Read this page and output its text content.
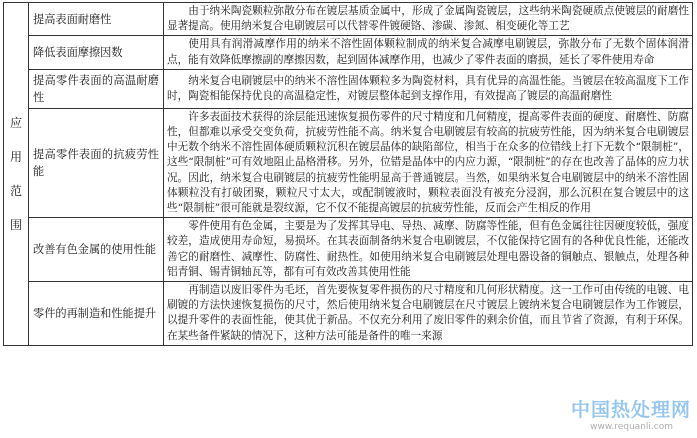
应用范围	提高表面耐磨性	由于纳米陶瓷颗粒弥散分布在镀层基质金属中，形成了金属陶瓷镀层，这些纳米陶瓷硬质点使镀层的耐磨性显著提高。使用纳米复合电刷镀层可以代替零件镀硬铬、渗碳、渗氮、相变硬化等工艺
	降低表面摩擦因数	使用具有润滑减摩作用的纳米不溶性固体颗粒制成的纳米复合减摩电刷镀层，弥散分布了无数个固体润滑点，能有效降低摩擦副的摩擦因数，起到固体减摩作用，也减少了零件表面的磨损，延长了零件使用寿命
	提高零件表面的高温耐磨性	纳米复合电刷镀层中的纳米不溶性固体颗粒多为陶瓷材料，具有优异的高温性能。当镀层在较高温度下工作时，陶瓷相能保持优良的高温稳定性，对镀层整体起到支撑作用，有效提高了镀层的高温耐磨性
	提高零件表面的抗疲劳性能	许多表面技术获得的涂层能迅速恢复损伤零件的尺寸精度和几何精度，提高零件表面的硬度、耐磨性、防腐性，但都难以承受交变负荷，抗疲劳性能不高。纳米复合电刷镀层有较高的抗疲劳性能，因为纳米复合电刷镀层中无数个纳米不溶性固体硬质颗粒沉积在镀层晶体的缺陷部位，相当于在众多的位错线上打下无数个“限制桩”，这些“限制桩”可有效地阻止晶格滑移。另外，位错是晶体中的内应力源，“限制桩”的存在也改善了晶体的应力状况。因此，纳米复合电刷镀层的抗疲劳性能明显高于普通镀层。当然，如果纳米复合电刷镀层中的纳米不溶性固体颗粒没有打破团聚，颗粒尺寸太大，或配制镀液时，颗粒表面没有被充分浸润，那么沉积在复合镀层中的这些“限制桩”很可能就是裂纹源，它不仅不能提高镀层的抗疲劳性能，反而会产生相反的作用
	改善有色金属的使用性能	零件使用有色金属，主要是为了发挥其导电、导热、减摩、防腐等性能，但有色金属往往因硬度较低，强度较差，造成使用寿命短，易损坏。在其表面制备纳米复合电刷镀层，不仅能保持它固有的各种优良性能，还能改善它的耐磨性、减摩性、防腐性、耐热性。如使用纳米复合电刷镀层处理电器设备的铜触点、银触点，处理各种铝青铜、锡青铜轴瓦等，都有可有效改善其使用性能
	零件的再制造和性能提升	再制造以废旧零件为毛坯，首先要恢复零件损伤的尺寸精度和几何形状精度。这一工作可由传统的电镀、电刷镀的方法快速恢复损伤的尺寸，然后使用纳米复合电刷镀层在尺寸镀层上镀纳米复合电刷镀层作为工作镀层，以提升零件的表面性能，使其优于新品。不仅充分利用了废旧零件的剩余价值，而且节省了资源，有利于环保。在某些备件紧缺的情况下，这种方法可能是备件的唯一来源
中国热处理网
www.requanli.com
